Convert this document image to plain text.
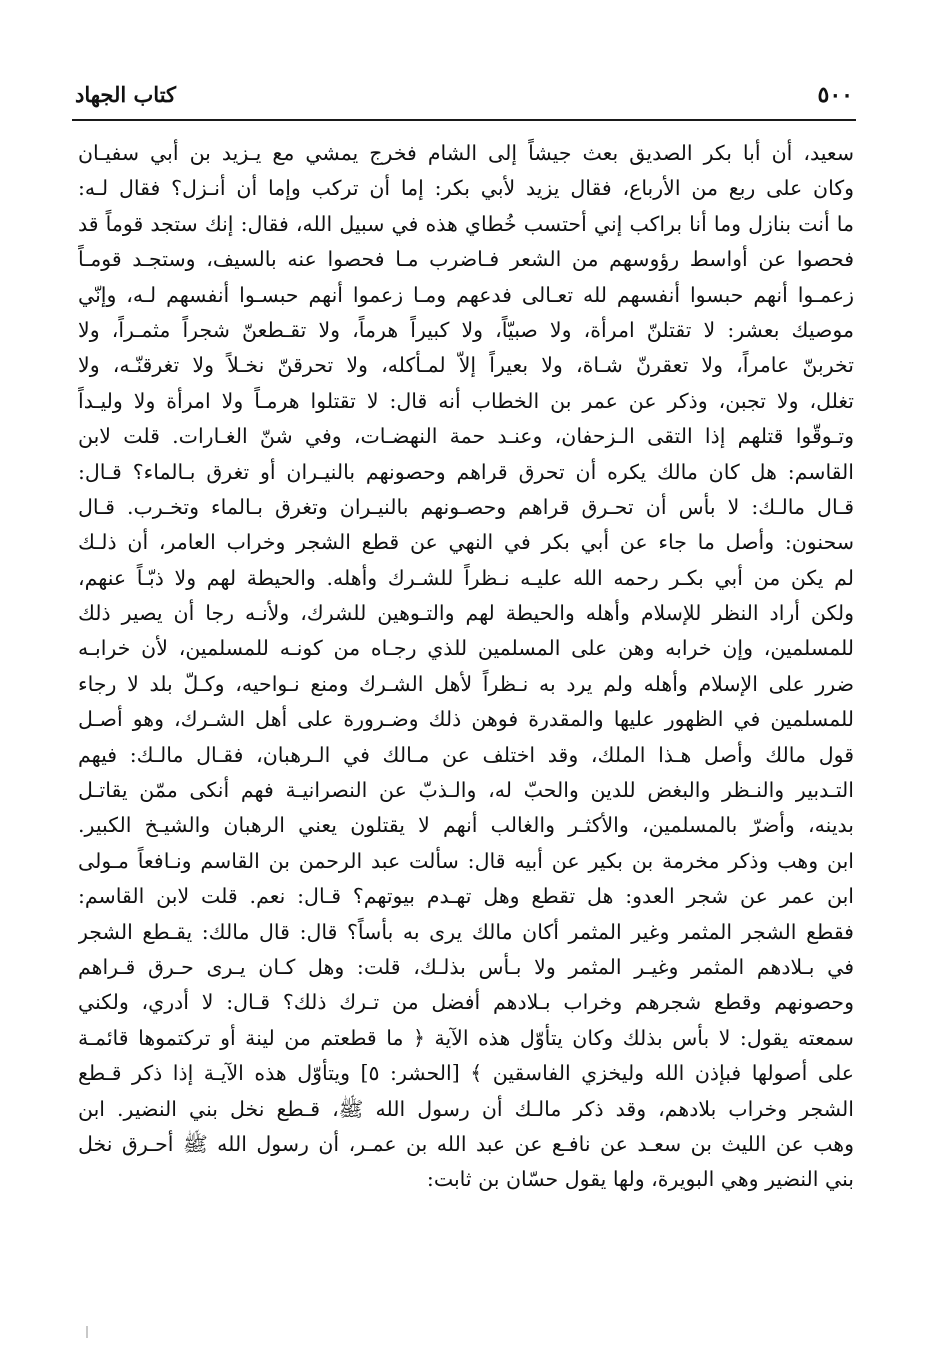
٥٠٠
كتاب الجهاد
سعيد، أن أبا بكر الصديق بعث جيشاً إلى الشام فخرج يمشي مع يـزيد بن أبي سفيـان
وكان على ربع من الأرباع، فقال يزيد لأبي بكر: إما أن تركب وإما أن أنـزل؟ فقال لـه:
ما أنت بنازل وما أنا براكب إني أحتسب خُطاي هذه في سبيل الله، فقال: إنك ستجد قوماً قد
فحصوا عن أواسط رؤوسهم من الشعر فـاضرب مـا فحصوا عنه بالسيف، وستجـد قومـاً
زعمـوا أنهم حبسوا أنفسهم لله تعـالى فدعهم ومـا زعموا أنهم حبسـوا أنفسهم لـه، وإنّي
موصيك بعشر: لا تقتلنّ امرأة، ولا صبيّاً، ولا كبيراً هرماً، ولا تقـطعنّ شجراً مثمـراً، ولا
تخربنّ عامراً، ولا تعقرنّ شـاة، ولا بعيراً إلاّ لمـأكله، ولا تحرقنّ نخـلاً ولا تغرقنّـه، ولا
تغلل، ولا تجبن، وذكر عن عمر بن الخطاب أنه قال: لا تقتلوا هرمـاً ولا امرأة ولا وليـداً
وتـوقّوا قتلهم إذا التقى الـزحفان، وعنـد حمة النهضـات، وفي شنّ الغـارات. قلت لابن
القاسم: هل كان مالك يكره أن تحرق قراهم وحصونهم بالنيـران أو تغرق بـالماء؟ قـال:
قـال مالـك: لا بأس أن تحـرق قراهم وحصـونهم بالنيـران وتغرق بـالماء وتخـرب. قـال
سحنون: وأصل ما جاء عن أبي بكر في النهي عن قطع الشجر وخراب العامر، أن ذلـك
لم يكن من أبي بكـر رحمه الله عليـه نـظراً للشـرك وأهله. والحيطة لهم ولا ذبّـاً عنهم،
ولكن أراد النظر للإسلام وأهله والحيطة لهم والتـوهين للشرك، ولأنـه رجا أن يصير ذلك
للمسلمين، وإن خرابه وهن على المسلمين للذي رجـاه من كونـه للمسلمين، لأن خرابـه
ضرر على الإسلام وأهله ولم يرد به نـظراً لأهل الشـرك ومنع نـواحيه، وكـلّ بلد لا رجاء
للمسلمين في الظهور عليها والمقدرة فوهن ذلك وضـرورة على أهل الشـرك، وهو أصـل
قول مالك وأصل هـذا الملك، وقد اختلف عن مـالك في الـرهبان، فقـال مالـك: فيهم
التـدبير والنـظر والبغض للدين والحبّ له، والـذبّ عن النصرانيـة فهم أنكى ممّن يقاتـل
بدينه، وأضرّ بالمسلمين، والأكثـر والغالب أنهم لا يقتلون يعني الرهبان والشيـخ الكبير.
ابن وهب وذكر مخرمة بن بكير عن أبيه قال: سألت عبد الرحمن بن القاسم ونـافعاً مـولى
ابن عمر عن شجر العدو: هل تقطع وهل تهـدم بيوتهم؟ قـال: نعم. قلت لابن القاسم:
فقطع الشجر المثمر وغير المثمر أكان مالك يرى به بأساً؟ قال: قال مالك: يقـطع الشجر
في بـلادهم المثمر وغيـر المثمر ولا بـأس بذلـك، قلت: وهل كـان يـرى حـرق قـراهم
وحصونهم وقطع شجرهم وخراب بـلادهم أفضل من تـرك ذلك؟ قـال: لا أدري، ولكني
سمعته يقول: لا بأس بذلك وكان يتأوّل هذه الآية ﴿ ما قطعتم من لينة أو تركتموها قائمـة
على أصولها فبإذن الله وليخزي الفاسقين ﴾ [الحشر: ٥] ويتأوّل هذه الآيـة إذا ذكر قـطع
الشجر وخراب بلادهم، وقد ذكر مالـك أن رسول الله ﷺ، قـطع نخل بني النضير. ابن
وهب عن الليث بن سعـد عن نافـع عن عبد الله بن عمـر، أن رسول الله ﷺ أحـرق نخل
بني النضير وهي البويرة، ولها يقول حسّان بن ثابت:
